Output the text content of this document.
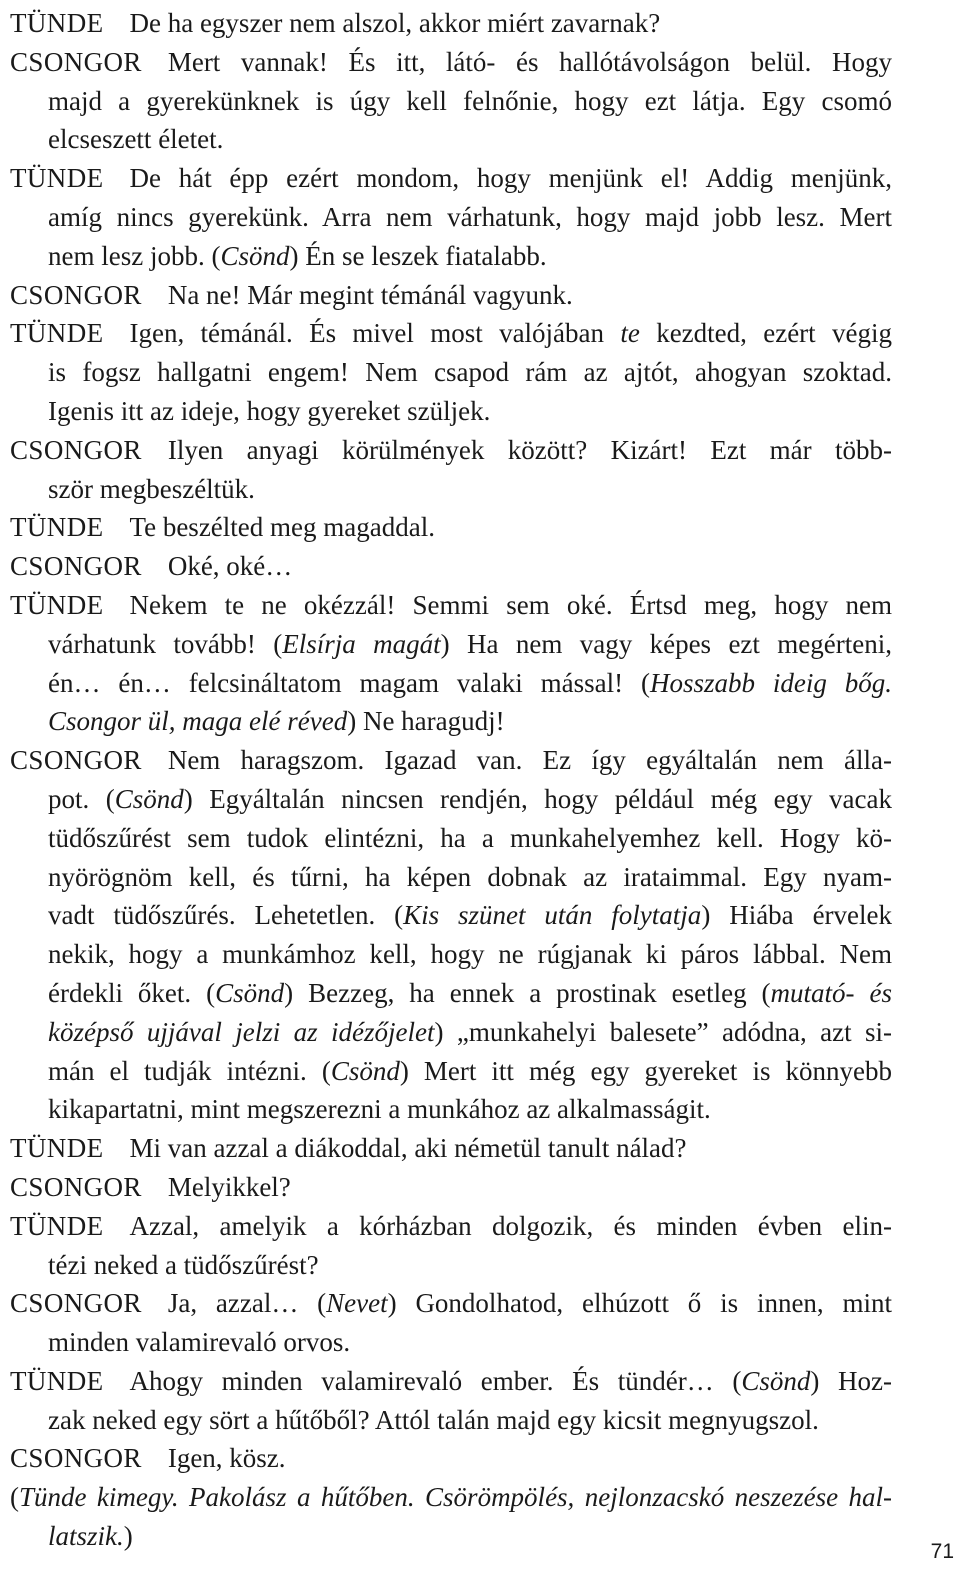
TÜNDE De ha egyszer nem alszol, akkor miért zavarnak?
CSONGOR Mert vannak! És itt, látó- és hallótávolságon belül. Hogy
majd a gyerekünknek is úgy kell felnőnie, hogy ezt látja. Egy csomó
elcseszett életet.
TÜNDE De hát épp ezért mondom, hogy menjünk el! Addig menjünk,
amíg nincs gyerekünk. Arra nem várhatunk, hogy majd jobb lesz. Mert
nem lesz jobb. (Csönd) Én se leszek fiatalabb.
CSONGOR Na ne! Már megint témánál vagyunk.
TÜNDE Igen, témánál. És mivel most valójában te kezdted, ezért végig
is fogsz hallgatni engem! Nem csapod rám az ajtót, ahogyan szoktad.
Igenis itt az ideje, hogy gyereket szüljek.
CSONGOR Ilyen anyagi körülmények között? Kizárt! Ezt már több-
ször megbeszéltük.
TÜNDE Te beszélted meg magaddal.
CSONGOR Oké, oké…
TÜNDE Nekem te ne okézzál! Semmi sem oké. Értsd meg, hogy nem
várhatunk tovább! (Elsírja magát) Ha nem vagy képes ezt megérteni,
én… én… felcsináltatom magam valaki mással! (Hosszabb ideig bőg.
Csongor ül, maga elé réved) Ne haragudj!
CSONGOR Nem haragszom. Igazad van. Ez így egyáltalán nem álla-
pot. (Csönd) Egyáltalán nincsen rendjén, hogy például még egy vacak
tüdőszűrést sem tudok elintézni, ha a munkahelyemhez kell. Hogy kö-
nyörögnöm kell, és tűrni, ha képen dobnak az irataimmal. Egy nyam-
vadt tüdőszűrés. Lehetetlen. (Kis szünet után folytatja) Hiába érvelek
nekik, hogy a munkámhoz kell, hogy ne rúgjanak ki páros lábbal. Nem
érdekli őket. (Csönd) Bezzeg, ha ennek a prostinak esetleg (mutató- és
középső ujjával jelzi az idézőjelet) „munkahelyi balesete” adódna, azt si-
mán el tudják intézni. (Csönd) Mert itt még egy gyereket is könnyebb
kikapartatni, mint megszerezni a munkához az alkalmasságit.
TÜNDE Mi van azzal a diákoddal, aki németül tanult nálad?
CSONGOR Melyikkel?
TÜNDE Azzal, amelyik a kórházban dolgozik, és minden évben elin-
tézi neked a tüdőszűrést?
CSONGOR Ja, azzal… (Nevet) Gondolhatod, elhúzott ő is innen, mint
minden valamirevaló orvos.
TÜNDE Ahogy minden valamirevaló ember. És tündér… (Csönd) Hoz-
zak neked egy sört a hűtőből? Attól talán majd egy kicsit megnyugszol.
CSONGOR Igen, kösz.
(Tünde kimegy. Pakolász a hűtőben. Csörömpölés, nejlonzacskó neszezése hal-
latszik.)
71
